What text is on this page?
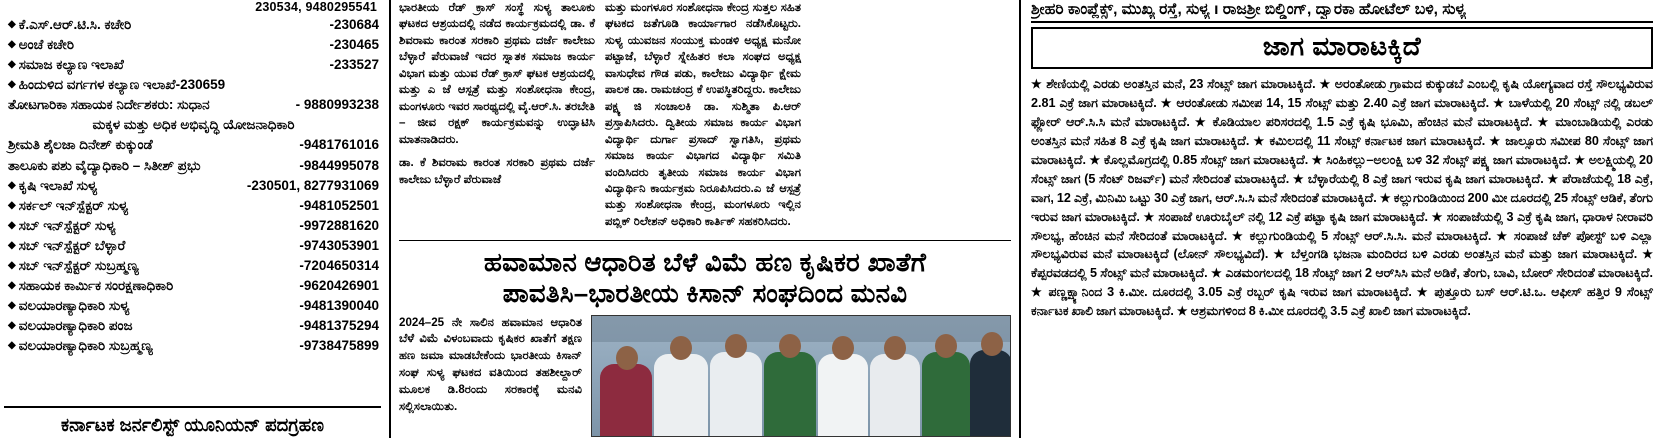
230534, 9480295541
◆ ಕೆ.ಎಸ್.ಆರ್.ಟಿ.ಸಿ. ಕಚೇರಿ	-230684
◆ ಅಂಚೆ ಕಚೇರಿ	-230465
◆ ಸಮಾಜ ಕಲ್ಯಾಣ ಇಲಾಖೆ	-233527
◆ ಹಿಂದುಳಿದ ವರ್ಗಗಳ ಕಲ್ಯಾಣ ಇಲಾಖೆ-230659
ತೋಟಗಾರಿಕಾ ಸಹಾಯಕ ನಿರ್ದೇಶಕರು: ಸುಧಾನ	- 9880993238
ಮಕ್ಕಳ ಮತ್ತು ಅಧಿಕ ಅಭಿವೃದ್ಧಿ ಯೋಜನಾಧಿಕಾರಿ
ಶ್ರೀಮತಿ ಶೈಲಜಾ ದಿನೇಶ್ ಕುಕ್ಕುಂಡೆ	-9481761016
ತಾಲೂಕು ಪಶು ವೈದ್ಯಾಧಿಕಾರಿ – ಸಿತೀಶ್ ಪ್ರಭು	-9844995078
◆ ಕೃಷಿ ಇಲಾಖೆ ಸುಳ್ಯ	-230501, 8277931069
◆ ಸರ್ಕಲ್ ಇನ್‌ಸ್ಪೆಕ್ಟರ್ ಸುಳ್ಯ	-9481052501
◆ ಸಬ್ ಇನ್‌ಸ್ಪೆಕ್ಟರ್ ಸುಳ್ಯ	-9972881620
◆ ಸಬ್ ಇನ್‌ಸ್ಪೆಕ್ಟರ್ ಬೆಳ್ಳಾರೆ	-9743053901
◆ ಸಬ್ ಇನ್‌ಸ್ಪೆಕ್ಟರ್ ಸುಬ್ರಹ್ಮಣ್ಯ	-7204650314
◆ ಸಹಾಯಕ ಕಾರ್ಮಿಕ ಸಂರಕ್ಷಣಾಧಿಕಾರಿ	-9620426901
◆ ವಲಯಾರಣ್ಯಾಧಿಕಾರಿ ಸುಳ್ಯ	-9481390040
◆ ವಲಯಾರಣ್ಯಾಧಿಕಾರಿ ಪಂಜ	-9481375294
◆ ವಲಯಾರಣ್ಯಾಧಿಕಾರಿ ಸುಬ್ರಹ್ಮಣ್ಯ	-9738475899
ಕರ್ನಾಟಕ ಜರ್ನಲಿಸ್ಟ್ ಯೂನಿಯನ್ ಪದಗ್ರಹಣ

ಭಾರತೀಯ ರೆಡ್ ಕ್ರಾಸ್ ಸಂಸ್ಥೆ ಸುಳ್ಯ ತಾಲೂಕು ಘಟಕದ ಆಶ್ರಯದಲ್ಲಿ ನಡೆದ ಕಾರ್ಯಕ್ರಮದಲ್ಲಿ ಡಾ. ಕೆ ಶಿವರಾಮ ಕಾರಂತ ಸರಕಾರಿ ಪ್ರಥಮ ದರ್ಜೆ ಕಾಲೇಜು ಬೆಳ್ಳಾರೆ ಪೆರುವಾಜೆ ಇದರ ಸ್ನಾತಕ ಸಮಾಜ ಕಾರ್ಯ ವಿಭಾಗ ಮತ್ತು ಯುವ ರೆಡ್ ಕ್ರಾಸ್ ಘಟಕ ಆಶ್ರಯದಲ್ಲಿ ಮತ್ತು ಎ ಜೆ ಆಸ್ಪತ್ರೆ ಮತ್ತು ಸಂಶೋಧನಾ ಕೇಂದ್ರ, ಮಂಗಳೂರು ಇವರ ಸಾರಥ್ಯದಲ್ಲಿ ವೈ.ಆರ್.ಸಿ. ತರಬೇತಿ – ಜೀವ ರಕ್ಷಕ್ ಕಾರ್ಯಕ್ರಮವನ್ನು ಉದ್ಘಾಟಿಸಿ ಮಾತನಾಡಿದರು.

ಡಾ. ಕೆ ಶಿವರಾಮ ಕಾರಂತ ಸರಕಾರಿ ಪ್ರಥಮ ದರ್ಜೆ ಕಾಲೇಜು ಬೆಳ್ಳಾರೆ ಪೆರುವಾಜೆ

ಮತ್ತು ಮಂಗಳೂರ ಸಂಶೋಧನಾ ಕೇಂದ್ರ ಸುತ್ತಲ ಸಹಿತ ಘಟಕದ ಜತೆಗೂಡಿ ಕಾರ್ಯಾಗಾರ ನಡೆಸಿಕೊಟ್ಟರು. ಸುಳ್ಯ ಯುವಜನ ಸಂಯುಕ್ತ ಮಂಡಳಿ ಅಧ್ಯಕ್ಷ ಮನೋ ಪಟ್ಟಾಜೆ, ಬೆಳ್ಳಾರೆ ಸ್ನೇಹಿತರ ಕಲಾ ಸಂಘದ ಅಧ್ಯಕ್ಷ ವಾಸುಧೇವ ಗೌಡ ಪಡು, ಕಾಲೇಜು ವಿದ್ಯಾರ್ಥಿ ಕ್ಷೇಮ ಪಾಲಕ ಡಾ. ರಾಮಚಂದ್ರ ಕೆ ಉಪಸ್ಥಿತರಿದ್ದರು. ಕಾಲೇಜು ಪಕ್ಷ್ಯ ಜಿ ಸಂಚಾಲಕಿ ಡಾ. ಸುಶ್ಮಿತಾ ಪಿ.ಆರ್ ಪ್ರಸ್ತಾಪಿಸಿದರು. ದ್ವಿತೀಯ ಸಮಾಜ ಕಾರ್ಯ ವಿಭಾಗ ವಿದ್ಯಾರ್ಥಿ ದುರ್ಗಾ ಪ್ರಸಾದ್ ಸ್ವಾಗತಿಸಿ, ಪ್ರಥಮ ಸಮಾಜ ಕಾರ್ಯ ವಿಭಾಗದ ವಿದ್ಯಾರ್ಥಿ ಸಮಿತಿ ವಂದಿಸಿದರು ತೃತೀಯ ಸಮಾಜ ಕಾರ್ಯ ವಿಭಾಗ ವಿದ್ಯಾರ್ಥಿನಿ ಕಾರ್ಯಕ್ರಮ ನಿರೂಪಿಸಿದರು.ಎ ಜೆ ಆಸ್ಪತ್ರೆ ಮತ್ತು ಸಂಶೋಧನಾ ಕೇಂದ್ರ, ಮಂಗಳೂರು ಇಲ್ಲಿನ ಪಬ್ಲಿಕ್ ರಿಲೇಶನ್ ಅಧಿಕಾರಿ ಕಾರ್ತಿಕ್ ಸಹಕರಿಸಿದರು.

ಹವಾಮಾನ ಆಧಾರಿತ ಬೆಳೆ ವಿಮೆ ಹಣ ಕೃಷಿಕರ ಖಾತೆಗೆ
ಪಾವತಿಸಿ–ಭಾರತೀಯ ಕಿಸಾನ್ ಸಂಘದಿಂದ ಮನವಿ

2024–25 ನೇ ಸಾಲಿನ ಹವಾಮಾನ ಆಧಾರಿತ ಬೆಳೆ ವಿಮೆ ವಿಳಂಬವಾದು ಕೃಷಿಕರ ಖಾತೆಗೆ ತಕ್ಷಣ ಹಣ ಜಮಾ ಮಾಡಬೇಕೆಂದು ಭಾರತೀಯ ಕಿಸಾನ್ ಸಂಘ ಸುಳ್ಯ ಘಟಕದ ವತಿಯಿಂದ ತಹಶೀಲ್ದಾರ್ ಮೂಲಕ ಡಿ.8ರಂದು ಸರಕಾರಕ್ಕೆ ಮನವಿ ಸಲ್ಲಿಸಲಾಯಿತು.

ಶ್ರೀಹರಿ ಕಾಂಪ್ಲೆಕ್ಸ್, ಮುಖ್ಯ ರಸ್ತೆ, ಸುಳ್ಯ ı ರಾಜಶ್ರೀ ಬಿಲ್ಡಿಂಗ್, ದ್ವಾರಕಾ ಹೋಟೆಲ್ ಬಳಿ, ಸುಳ್ಯ
ಜಾಗ ಮಾರಾಟಕ್ಕಿದೆ
★ ಶೇಣಿಯಲ್ಲಿ ಎರಡು ಅಂತಸ್ತಿನ ಮನೆ, 23 ಸೆಂಟ್ಸ್ ಜಾಗ ಮಾರಾಟಕ್ಕಿದೆ. ★ ಅರಂತೋಡು ಗ್ರಾಮದ ಕುಕ್ಕುಡಬೆ ಎಂಬಲ್ಲಿ ಕೃಷಿ ಯೋಗ್ಯವಾದ ರಸ್ತೆ ಸೌಲಭ್ಯವಿರುವ 2.81 ಎಕ್ರೆ ಜಾಗ ಮಾರಾಟಕ್ಕಿದೆ. ★ ಆರಂತೋಡು ಸಮೀಪ 14, 15 ಸೆಂಟ್ಸ್ ಮತ್ತು 2.40 ಎಕ್ರೆ ಜಾಗ ಮಾರಾಟಕ್ಕಿದೆ. ★ ಬಾಳೆಯಲ್ಲಿ 20 ಸೆಂಟ್ಸ್ ನಲ್ಲಿ ಡಬಲ್ ಫ್ಲೋರ್ ಆರ್.ಸಿ.ಸಿ ಮನೆ ಮಾರಾಟಕ್ಕಿದೆ. ★ ಕೊಡಿಯಾಲ ಪರಿಸರದಲ್ಲಿ 1.5 ಎಕ್ರೆ ಕೃಷಿ ಭೂಮಿ, ಹೆಂಚಿನ ಮನೆ ಮಾರಾಟಕ್ಕಿದೆ. ★ ಮಾಂಬಾಡಿಯಲ್ಲಿ ಎರಡು ಅಂತಸ್ತಿನ ಮನೆ ಸಹಿತ 8 ಎಕ್ರೆ ಕೃಷಿ ಜಾಗ ಮಾರಾಟಕ್ಕಿದೆ. ★ ಕಮಿಲದಲ್ಲಿ 11 ಸೆಂಟ್ಸ್ ಕರ್ನಾಟಕ ಜಾಗ ಮಾರಾಟಕ್ಕಿದೆ. ★ ಜಾಲ್ಸೂರು ಸಮೀಪ 80 ಸೆಂಟ್ಸ್ ಜಾಗ ಮಾರಾಟಕ್ಕಿದೆ. ★ ಕೊಲ್ಲಮೊಗ್ರದಲ್ಲಿ 0.85 ಸೆಂಟ್ಸ್ ಜಾಗ ಮಾರಾಟಕ್ಕಿದೆ. ★ ಸಿಂಹಿಕಲ್ಲು–ಅಲಂಕ್ಷಿ ಬಳಿ 32 ಸೆಂಟ್ಸ್ ಪಕ್ಷ್ಯ ಜಾಗ ಮಾರಾಟಕ್ಕಿದೆ. ★ ಅಲಕ್ಷ್ಮಿಯಲ್ಲಿ 20 ಸೆಂಟ್ಸ್ ಜಾಗ (5 ಸೆಂಟ್ ರಿಜರ್ವ್) ಮನೆ ಸೇರಿದಂತೆ ಮಾರಾಟಕ್ಕಿದೆ. ★ ಬೆಳ್ಳಾರೆಯಲ್ಲಿ 8 ಎಕ್ರೆ ಜಾಗ ಇರುವ ಕೃಷಿ ಜಾಗ ಮಾರಾಟಕ್ಕಿದೆ. ★ ಪೆರಾಜೆಯಲ್ಲಿ 18 ಎಕ್ರೆ, ವಾಗ, 12 ಎಕ್ರೆ, ಮಿನಿಮಿ ಒಟ್ಟು 30 ಎಕ್ರೆ ಜಾಗ, ಆರ್.ಸಿ.ಸಿ ಮನೆ ಸೇರಿದಂತೆ ಮಾರಾಟಕ್ಕಿದೆ. ★ ಕಲ್ಲುಗುಂಡಿಯಿಂದ 200 ಮೀ ದೂರದಲ್ಲಿ 25 ಸೆಂಟ್ಸ್ ಆಡಿಕೆ, ತೆಂಗು ಇರುವ ಜಾಗ ಮಾರಾಟಕ್ಕಿದೆ. ★ ಸಂಪಾಜೆ ಊರುಬೈಲ್ ನಲ್ಲಿ 12 ಎಕ್ರೆ ಪಟ್ಟಾ ಕೃಷಿ ಜಾಗ ಮಾರಾಟಕ್ಕಿದೆ. ★ ಸಂಪಾಜೆಯಲ್ಲಿ 3 ಎಕ್ರೆ ಕೃಷಿ ಜಾಗ, ಧಾರಾಳ ನೀರಾವರಿ ಸೌಲಭ್ಯ, ಹೆಂಚಿನ ಮನೆ ಸೇರಿದಂತೆ ಮಾರಾಟಕ್ಕಿದೆ. ★ ಕಲ್ಲುಗುಂಡಿಯಲ್ಲಿ 5 ಸೆಂಟ್ಸ್ ಆರ್.ಸಿ.ಸಿ. ಮನೆ ಮಾರಾಟಕ್ಕಿದೆ. ★ ಸಂಪಾಜೆ ಚೆಕ್ ಪೋಸ್ಟ್ ಬಳಿ ಎಲ್ಲಾ ಸೌಲಭ್ಯವಿರುವ ಮನೆ ಮಾರಾಟಕ್ಕಿದೆ (ಲೋನ್ ಸೌಲಭ್ಯವಿದೆ). ★ ಬೆಳ್ತಂಗಡಿ ಭಜನಾ ಮಂದಿರದ ಬಳಿ ಎರಡು ಅಂತಸ್ತಿನ ಮನೆ ಮತ್ತು ಜಾಗ ಮಾರಾಟಕ್ಕಿದೆ. ★ ಕೆಪ್ಪರವಡದಲ್ಲಿ 5 ಸೆಂಟ್ಸ್ ಮನೆ ಮಾರಾಟಕ್ಕಿದೆ. ★ ಎಡಮಂಗಲದಲ್ಲಿ 18 ಸೆಂಟ್ಸ್ ಜಾಗ 2 ಆರ್‌ಸಿಸಿ ಮನೆ ಅಡಿಕೆ, ತೆಂಗು, ಬಾವಿ, ಬೋರ್ ಸೇರಿದಂತೆ ಮಾರಾಟಕ್ಕಿದೆ. ★ ಪಣ್ಣಕ್ಷ್ಯಾನಿಂದ 3 ಕಿ.ಮೀ. ದೂರದಲ್ಲಿ 3.05 ಎಕ್ರೆ ರಬ್ಬರ್ ಕೃಷಿ ಇರುವ ಜಾಗ ಮಾರಾಟಕ್ಕಿದೆ. ★ ಪುತ್ತೂರು ಬಸ್ ಆರ್.ಟಿ.ಒ. ಆಫೀಸ್ ಹತ್ತಿರ 9 ಸೆಂಟ್ಸ್ ಕರ್ನಾಟಕ ಖಾಲಿ ಜಾಗ ಮಾರಾಟಕ್ಕಿದೆ. ★ ಆಶ್ರಮಗಳಿಂದ 8 ಕಿ.ಮೀ ದೂರದಲ್ಲಿ 3.5 ಎಕ್ರೆ ಖಾಲಿ ಜಾಗ ಮಾರಾಟಕ್ಕಿದೆ.
